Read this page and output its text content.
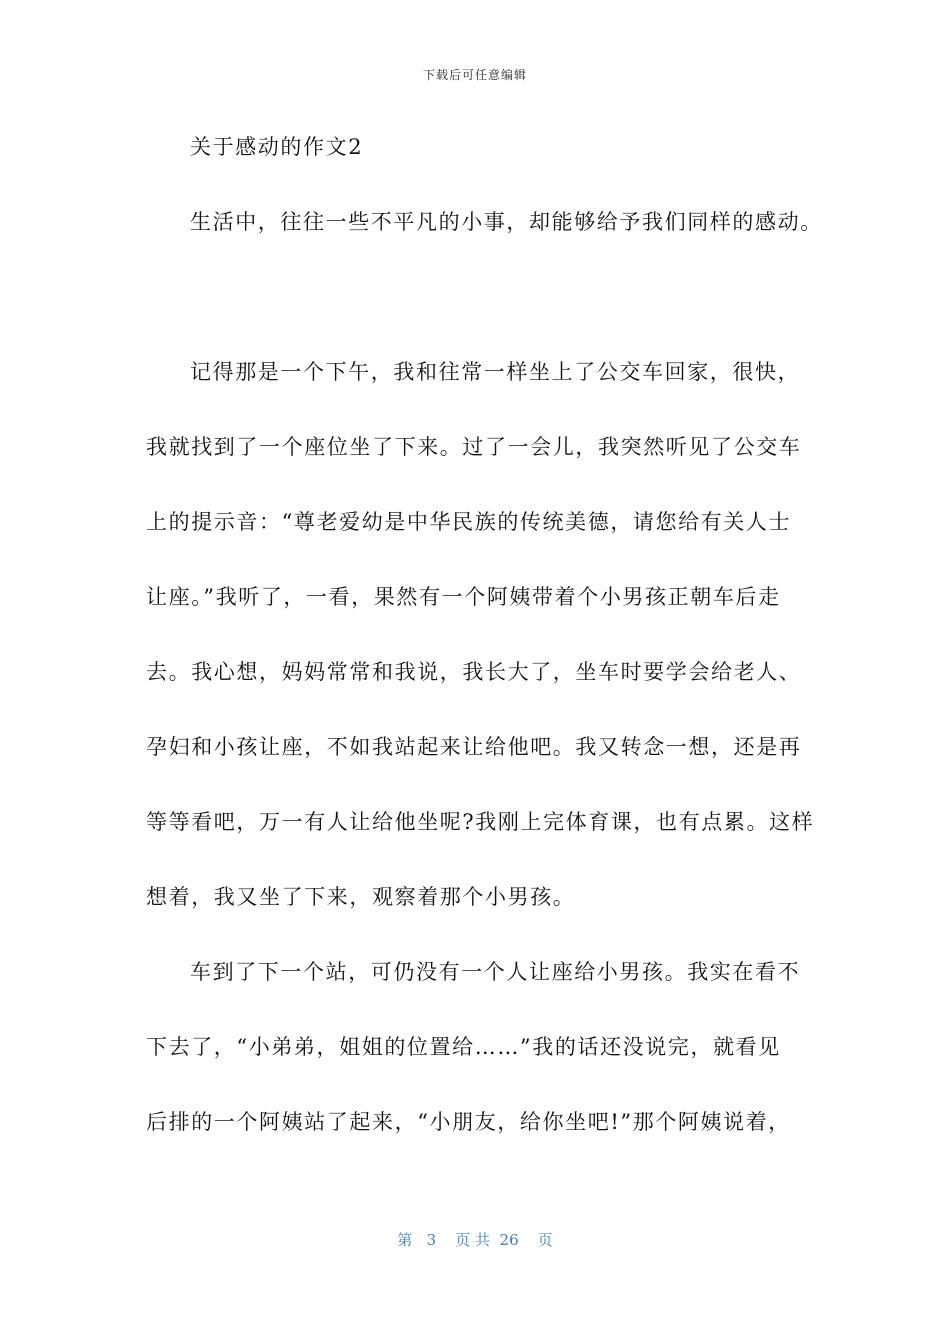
下载后可任意编辑
关于感动的作文2
生活中，往往一些不平凡的小事，却能够给予我们同样的感动。
记得那是一个下午，我和往常一样坐上了公交车回家，很快，
我就找到了一个座位坐了下来。过了一会儿，我突然听见了公交车
上的提示音：“尊老爱幼是中华民族的传统美德，请您给有关人士
让座。”我听了，一看，果然有一个阿姨带着个小男孩正朝车后走
去。我心想，妈妈常常和我说，我长大了，坐车时要学会给老人、
孕妇和小孩让座，不如我站起来让给他吧。我又转念一想，还是再
等等看吧，万一有人让给他坐呢?我刚上完体育课，也有点累。这样
想着，我又坐了下来，观察着那个小男孩。
车到了下一个站，可仍没有一个人让座给小男孩。我实在看不
下去了，“小弟弟，姐姐的位置给……”我的话还没说完，就看见
后排的一个阿姨站了起来，“小朋友，给你坐吧!”那个阿姨说着，
第   3    页 共  26    页
